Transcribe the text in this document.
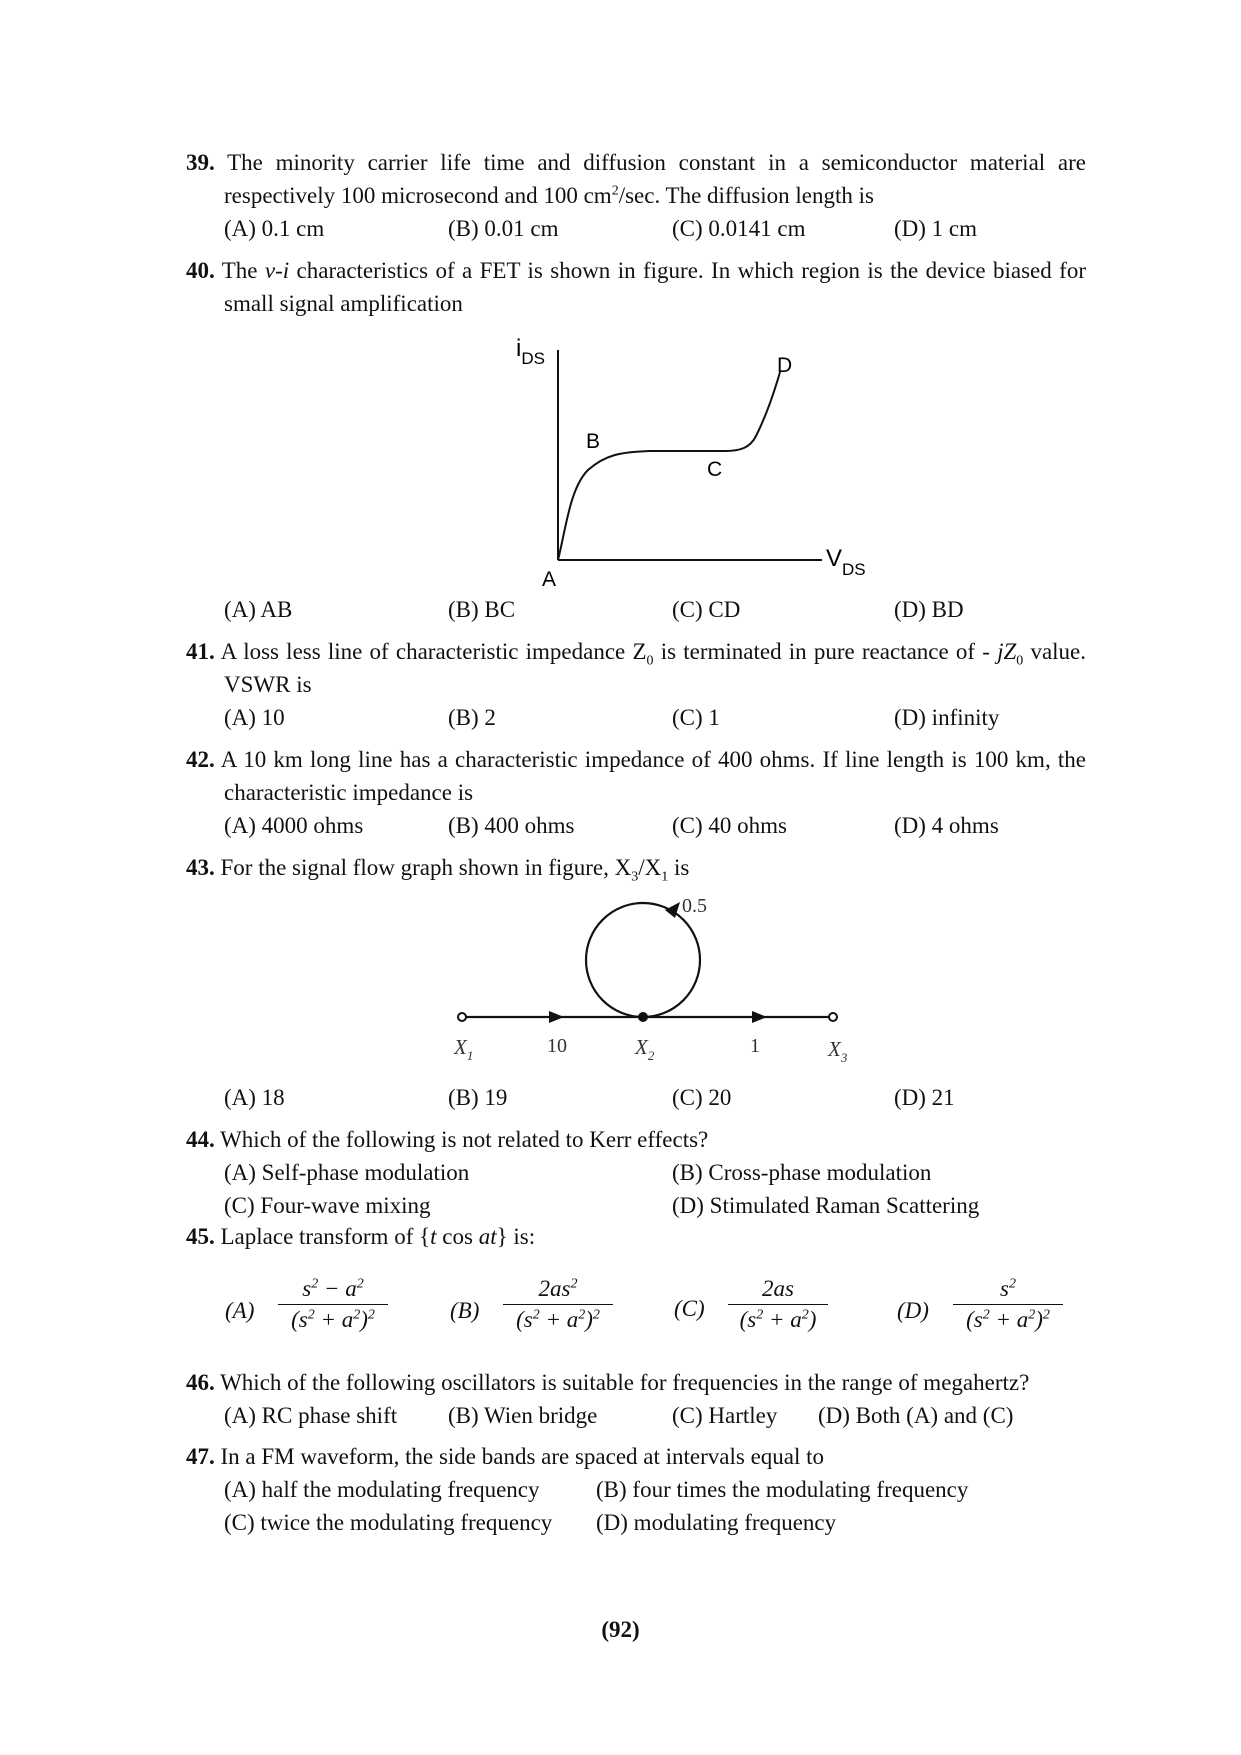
39. The minority carrier life time and diffusion constant in a semiconductor material are respectively 100 microsecond and 100 $cm^2/\sec$. The diffusion length is
(A) 0.1 cm	(B) 0.01 cm	(C) 0.0141 cm	(D) 1 cm
40. The v-i characteristics of a FET is shown in figure. In which region is the device biased for small signal amplification
$i_{DS}$
$V_{DS}$
A
B
C
D
(A) AB	(B) BC	(C) CD	(D) BD
41. A loss less line of characteristic impedance $Z_0$ is terminated in pure reactance of - $jZ_0$ value. VSWR is
(A) 10	(B) 2	(C) 1	(D) infinity
42. A 10 km long line has a characteristic impedance of 400 ohms. If line length is 100 km, the characteristic impedance is
(A) 4000 ohms	(B) 400 ohms	(C) 40 ohms	(D) 4 ohms
43. For the signal flow graph shown in figure, $X_3/X_1$ is
0.5
$X_1$	10	$X_2$	1	$X_3$
(A) 18	(B) 19	(C) 20	(D) 21
44. Which of the following is not related to Kerr effects?
(A) Self-phase modulation	(B) Cross-phase modulation
(C) Four-wave mixing	(D) Stimulated Raman Scattering
45. Laplace transform of {t cos at} is:
$(A) \frac{s^2 - a^2}{(s^2 + a^2)^2}$	$(B) \frac{2as^2}{(s^2 + a^2)^2}$	$(C) \frac{2as}{(s^2 + a^2)}$	$(D) \frac{s^2}{(s^2 + a^2)^2}$
46. Which of the following oscillators is suitable for frequencies in the range of megahertz?
(A) RC phase shift (B) Wien bridge	(C) Hartley (D) Both (A) and (C)
47. In a FM waveform, the side bands are spaced at intervals equal to
(A) half the modulating frequency (B) four times the modulating frequency
(C) twice the modulating frequency (D) modulating frequency
(92)
